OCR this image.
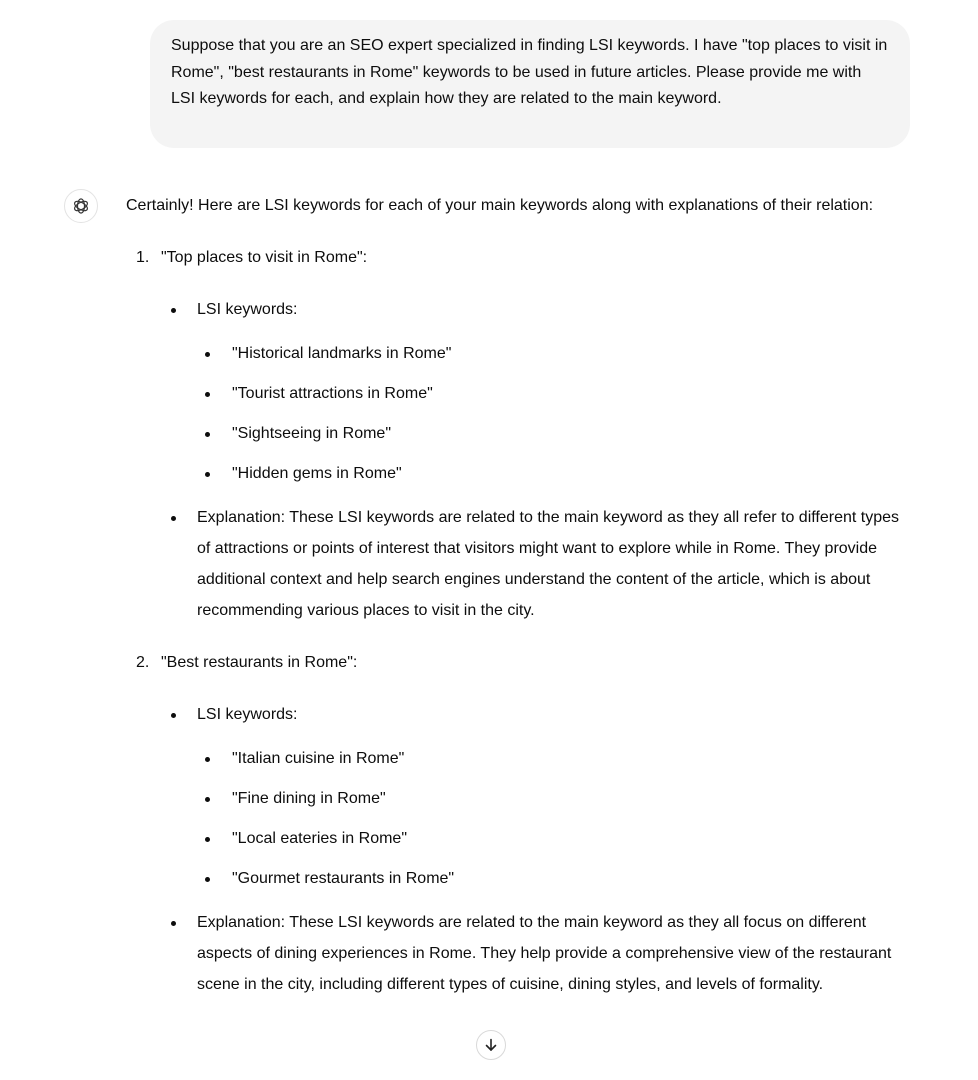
Suppose that you are an SEO expert specialized in finding LSI keywords. I have "top places to visit in Rome", "best restaurants in Rome" keywords to be used in future articles. Please provide me with LSI keywords for each, and explain how they are related to the main keyword.

Certainly! Here are LSI keywords for each of your main keywords along with explanations of their relation:

1. "Top places to visit in Rome":
LSI keywords:
"Historical landmarks in Rome"
"Tourist attractions in Rome"
"Sightseeing in Rome"
"Hidden gems in Rome"
Explanation: These LSI keywords are related to the main keyword as they all refer to different types of attractions or points of interest that visitors might want to explore while in Rome. They provide additional context and help search engines understand the content of the article, which is about recommending various places to visit in the city.
2. "Best restaurants in Rome":
LSI keywords:
"Italian cuisine in Rome"
"Fine dining in Rome"
"Local eateries in Rome"
"Gourmet restaurants in Rome"
Explanation: These LSI keywords are related to the main keyword as they all focus on different aspects of dining experiences in Rome. They help provide a comprehensive view of the restaurant scene in the city, including different types of cuisine, dining styles, and levels of formality.
